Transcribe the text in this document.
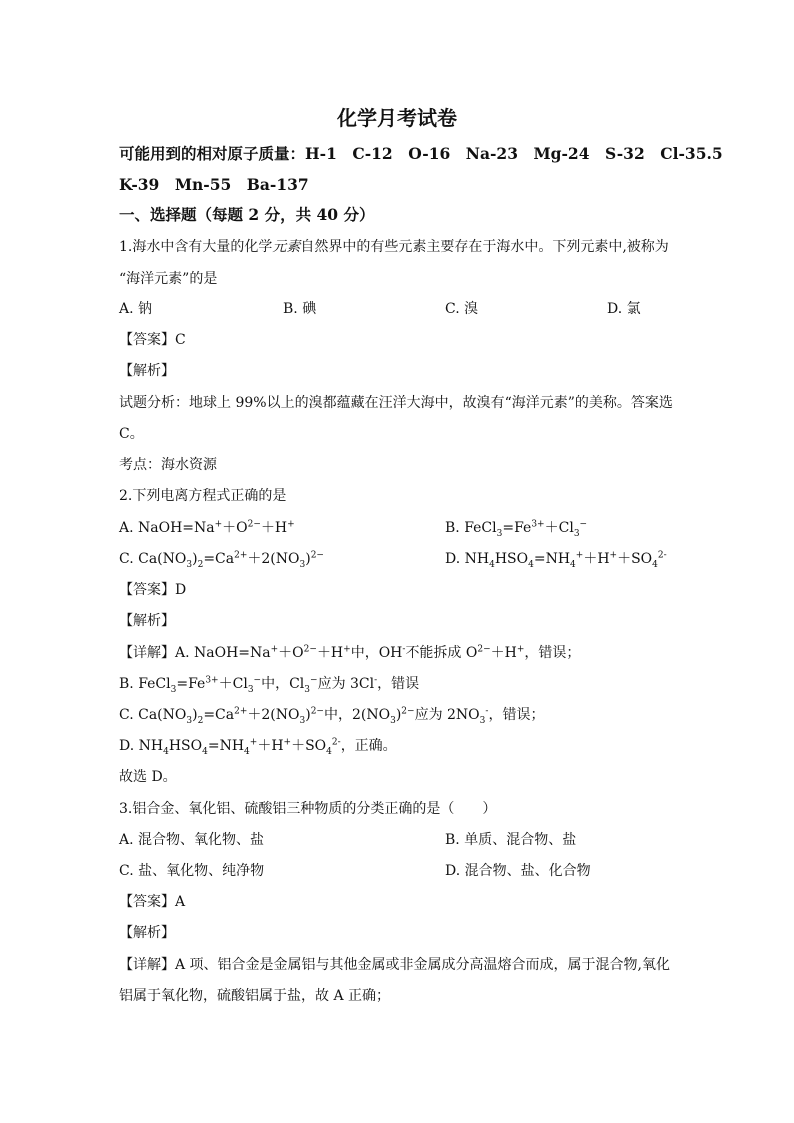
化学月考试卷
可能用到的相对原子质量：H-1　C-12　O-16　Na-23　Mg-24　S-32　Cl-35.5
K-39　Mn-55　Ba-137
一、选择题（每题 2 分，共 40 分）
1.海水中含有大量的化学元素自然界中的有些元素主要存在于海水中。下列元素中,被称为
“海洋元素”的是
A. 钠	B. 碘	C. 溴	D. 氯
【答案】C
【解析】
试题分析：地球上 99%以上的溴都蕴藏在汪洋大海中，故溴有“海洋元素”的美称。答案选
C。
考点：海水资源
2.下列电离方程式正确的是
A. $NaOH=Na^++O^{2-}+H^+$	B. $FeCl_3=Fe^{3+}+Cl_3^-$
C. $Ca(NO_3)_2=Ca^{2+}+2(NO_3)^{2-}$	D. $NH_4HSO_4=NH_4^++H^++SO_4^{2-}$
【答案】D
【解析】
【详解】A. $NaOH=Na^++O^{2-}+H^+$中，OH-不能拆成 $O^{2-}+H^+$，错误；
B. $FeCl_3=Fe^{3+}+Cl_3^-$中，$Cl_3^-$应为 3Cl-，错误
C. $Ca(NO_3)_2=Ca^{2+}+2(NO_3)^{2-}$中，$2(NO_3)^{2-}$应为 $2NO_3^-$，错误；
D. $NH_4HSO_4=NH_4^++H^++SO_4^{2-}$，正确。
故选 D。
3.铝合金、氧化铝、硫酸铝三种物质的分类正确的是（　　）
A. 混合物、氧化物、盐	B. 单质、混合物、盐
C. 盐、氧化物、纯净物	D. 混合物、盐、化合物
【答案】A
【解析】
【详解】A 项、铝合金是金属铝与其他金属或非金属成分高温熔合而成，属于混合物,氧化
铝属于氧化物，硫酸铝属于盐，故 A 正确；
